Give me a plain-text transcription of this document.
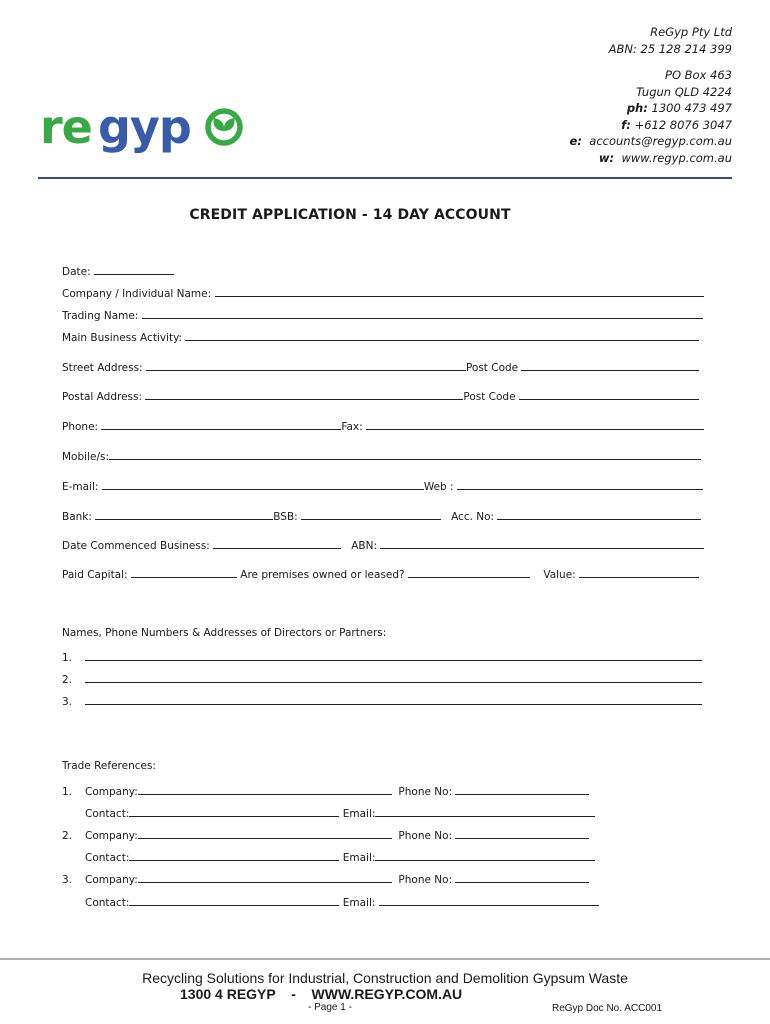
ReGyp Pty Ltd
ABN: 25 128 214 399
PO Box 463
Tugun QLD 4224
ph: 1300 473 497
f: +612 8076 3047
e: accounts@regyp.com.au
w: www.regyp.com.au
re gyp
CREDIT APPLICATION - 14 DAY ACCOUNT
Date:
Company / Individual Name:
Trading Name:
Main Business Activity:
Street Address:	Post Code
Postal Address:	Post Code
Phone:	Fax:
Mobile/s:
E-mail:	Web :
Bank:	BSB:	Acc. No:
Date Commenced Business:	ABN:
Paid Capital:	Are premises owned or leased?	Value:
Names, Phone Numbers & Addresses of Directors or Partners:
1.
2.
3.
Trade References:
1. Company:	Phone No:
Contact:	Email:
2. Company:	Phone No:
Contact:	Email:
3. Company:	Phone No:
Contact:	Email:
Recycling Solutions for Industrial, Construction and Demolition Gypsum Waste
1300 4 REGYP - WWW.REGYP.COM.AU
- Page 1 -	ReGyp Doc No. ACC001
